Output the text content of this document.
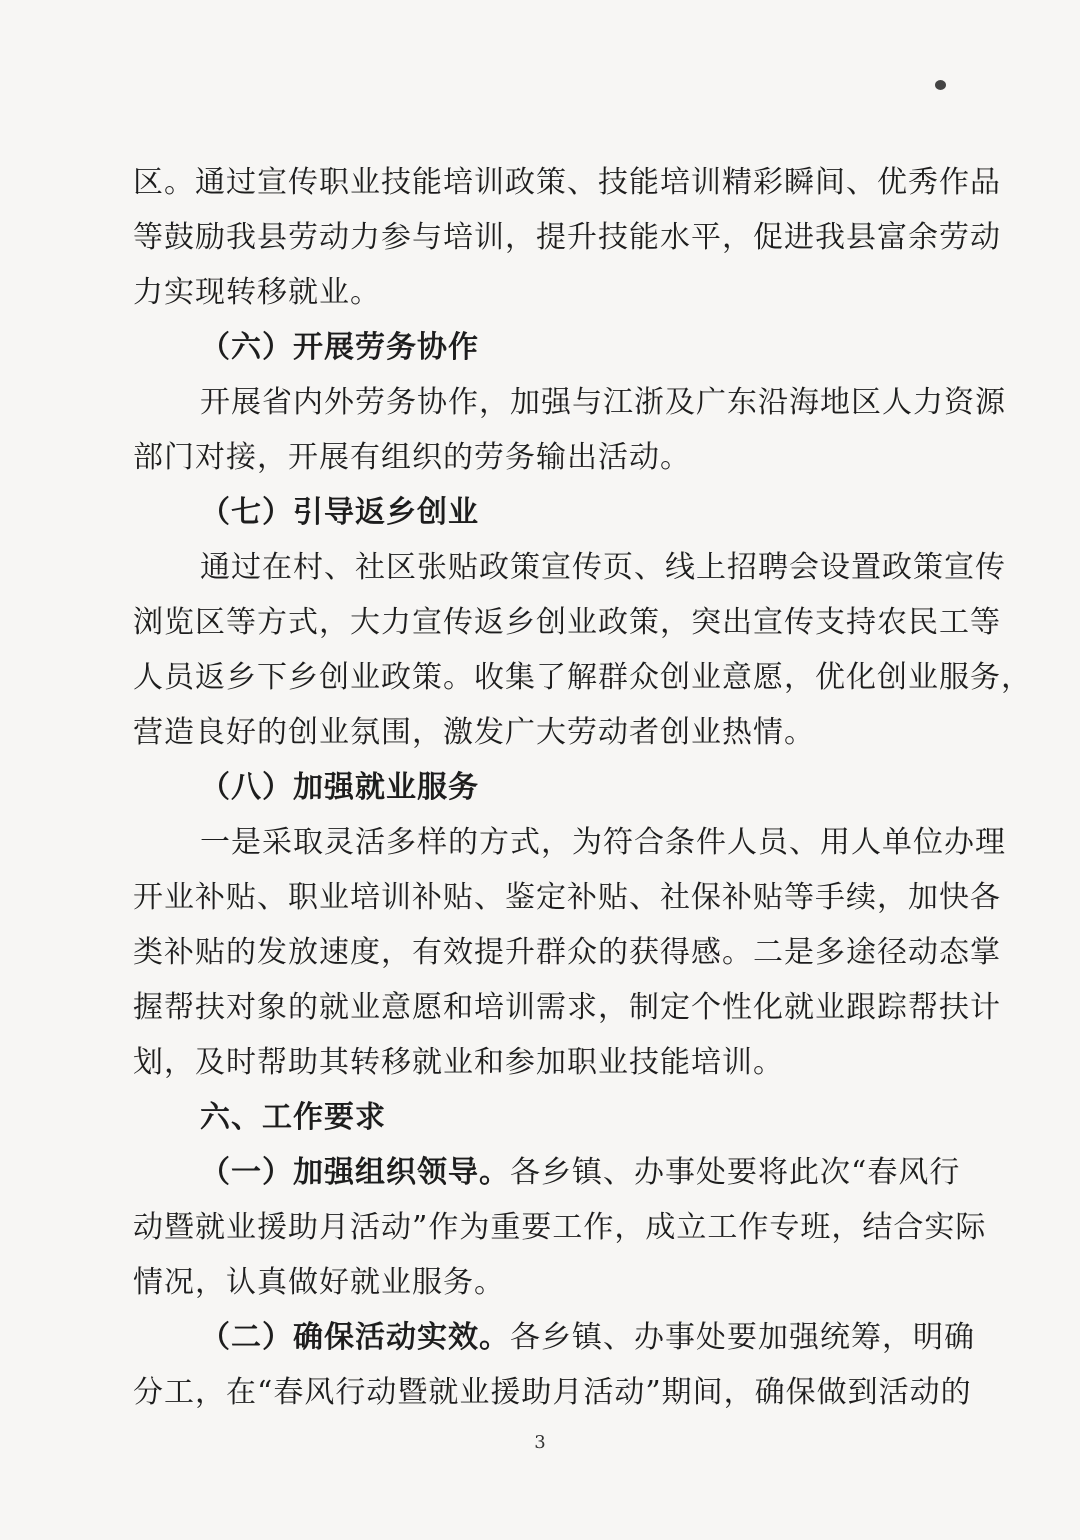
区。通过宣传职业技能培训政策、技能培训精彩瞬间、优秀作品
等鼓励我县劳动力参与培训，提升技能水平，促进我县富余劳动
力实现转移就业。
（六）开展劳务协作
开展省内外劳务协作，加强与江浙及广东沿海地区人力资源
部门对接，开展有组织的劳务输出活动。
（七）引导返乡创业
通过在村、社区张贴政策宣传页、线上招聘会设置政策宣传
浏览区等方式，大力宣传返乡创业政策，突出宣传支持农民工等
人员返乡下乡创业政策。收集了解群众创业意愿，优化创业服务，
营造良好的创业氛围，激发广大劳动者创业热情。
（八）加强就业服务
一是采取灵活多样的方式，为符合条件人员、用人单位办理
开业补贴、职业培训补贴、鉴定补贴、社保补贴等手续，加快各
类补贴的发放速度，有效提升群众的获得感。二是多途径动态掌
握帮扶对象的就业意愿和培训需求，制定个性化就业跟踪帮扶计
划，及时帮助其转移就业和参加职业技能培训。
六、工作要求
（一）加强组织领导。各乡镇、办事处要将此次“春风行
动暨就业援助月活动”作为重要工作，成立工作专班，结合实际
情况，认真做好就业服务。
（二）确保活动实效。各乡镇、办事处要加强统筹，明确
分工，在“春风行动暨就业援助月活动”期间，确保做到活动的
3
